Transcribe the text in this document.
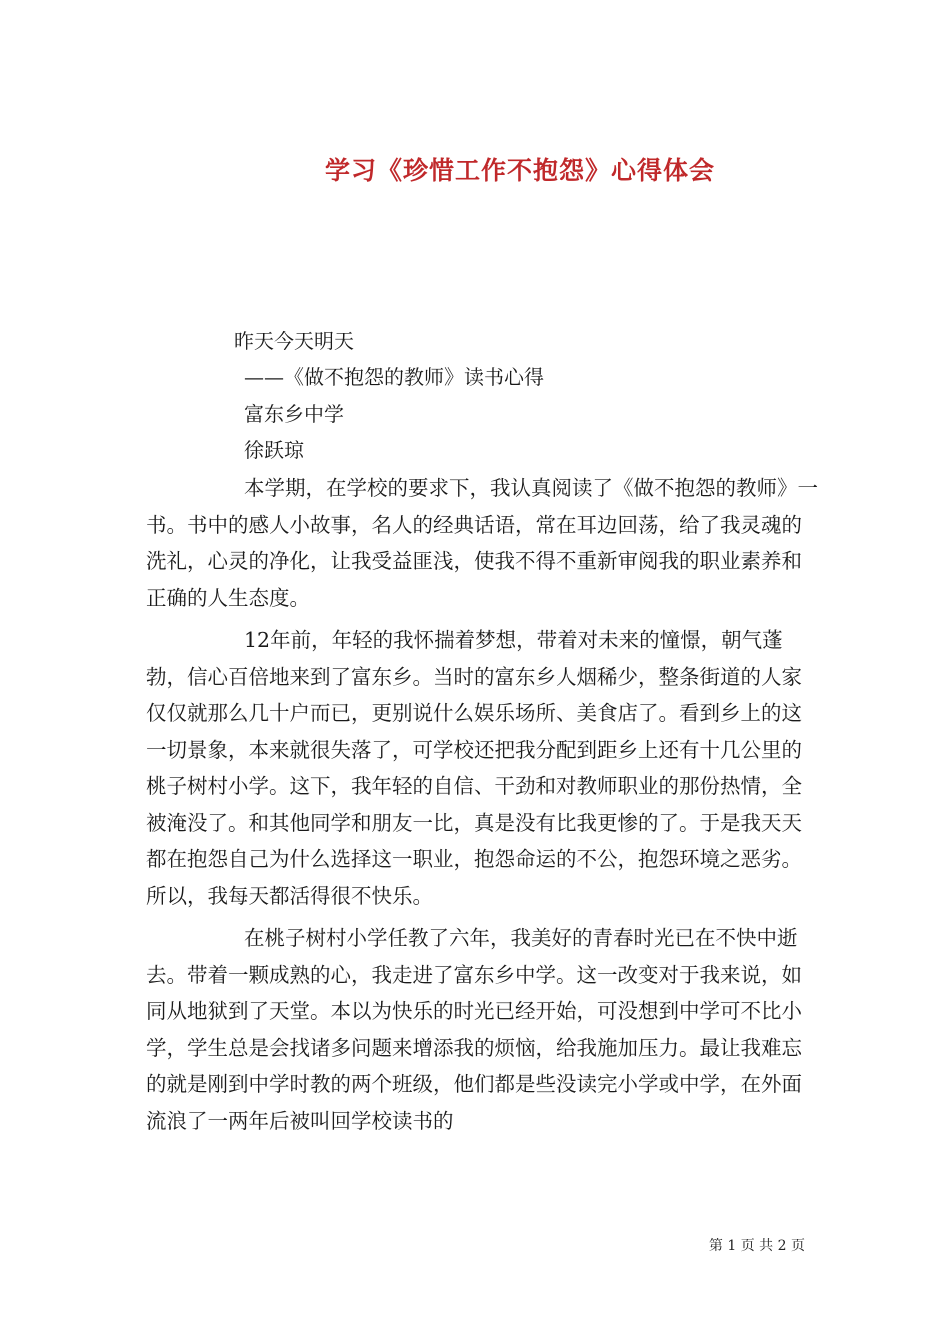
学习《珍惜工作不抱怨》心得体会
昨天今天明天
——《做不抱怨的教师》读书心得
富东乡中学
徐跃琼

本学期，在学校的要求下，我认真阅读了《做不抱怨的教师》一书。书中的感人小故事，名人的经典话语，常在耳边回荡，给了我灵魂的洗礼，心灵的净化，让我受益匪浅，使我不得不重新审阅我的职业素养和正确的人生态度。

12年前，年轻的我怀揣着梦想，带着对未来的憧憬，朝气蓬勃，信心百倍地来到了富东乡。当时的富东乡人烟稀少，整条街道的人家仅仅就那么几十户而已，更别说什么娱乐场所、美食店了。看到乡上的这一切景象，本来就很失落了，可学校还把我分配到距乡上还有十几公里的桃子树村小学。这下，我年轻的自信、干劲和对教师职业的那份热情，全被淹没了。和其他同学和朋友一比，真是没有比我更惨的了。于是我天天都在抱怨自己为什么选择这一职业，抱怨命运的不公，抱怨环境之恶劣。所以，我每天都活得很不快乐。

在桃子树村小学任教了六年，我美好的青春时光已在不快中逝去。带着一颗成熟的心，我走进了富东乡中学。这一改变对于我来说，如同从地狱到了天堂。本以为快乐的时光已经开始，可没想到中学可不比小学，学生总是会找诸多问题来增添我的烦恼，给我施加压力。最让我难忘的就是刚到中学时教的两个班级，他们都是些没读完小学或中学，在外面流浪了一两年后被叫回学校读书的

第 1 页 共 2 页
